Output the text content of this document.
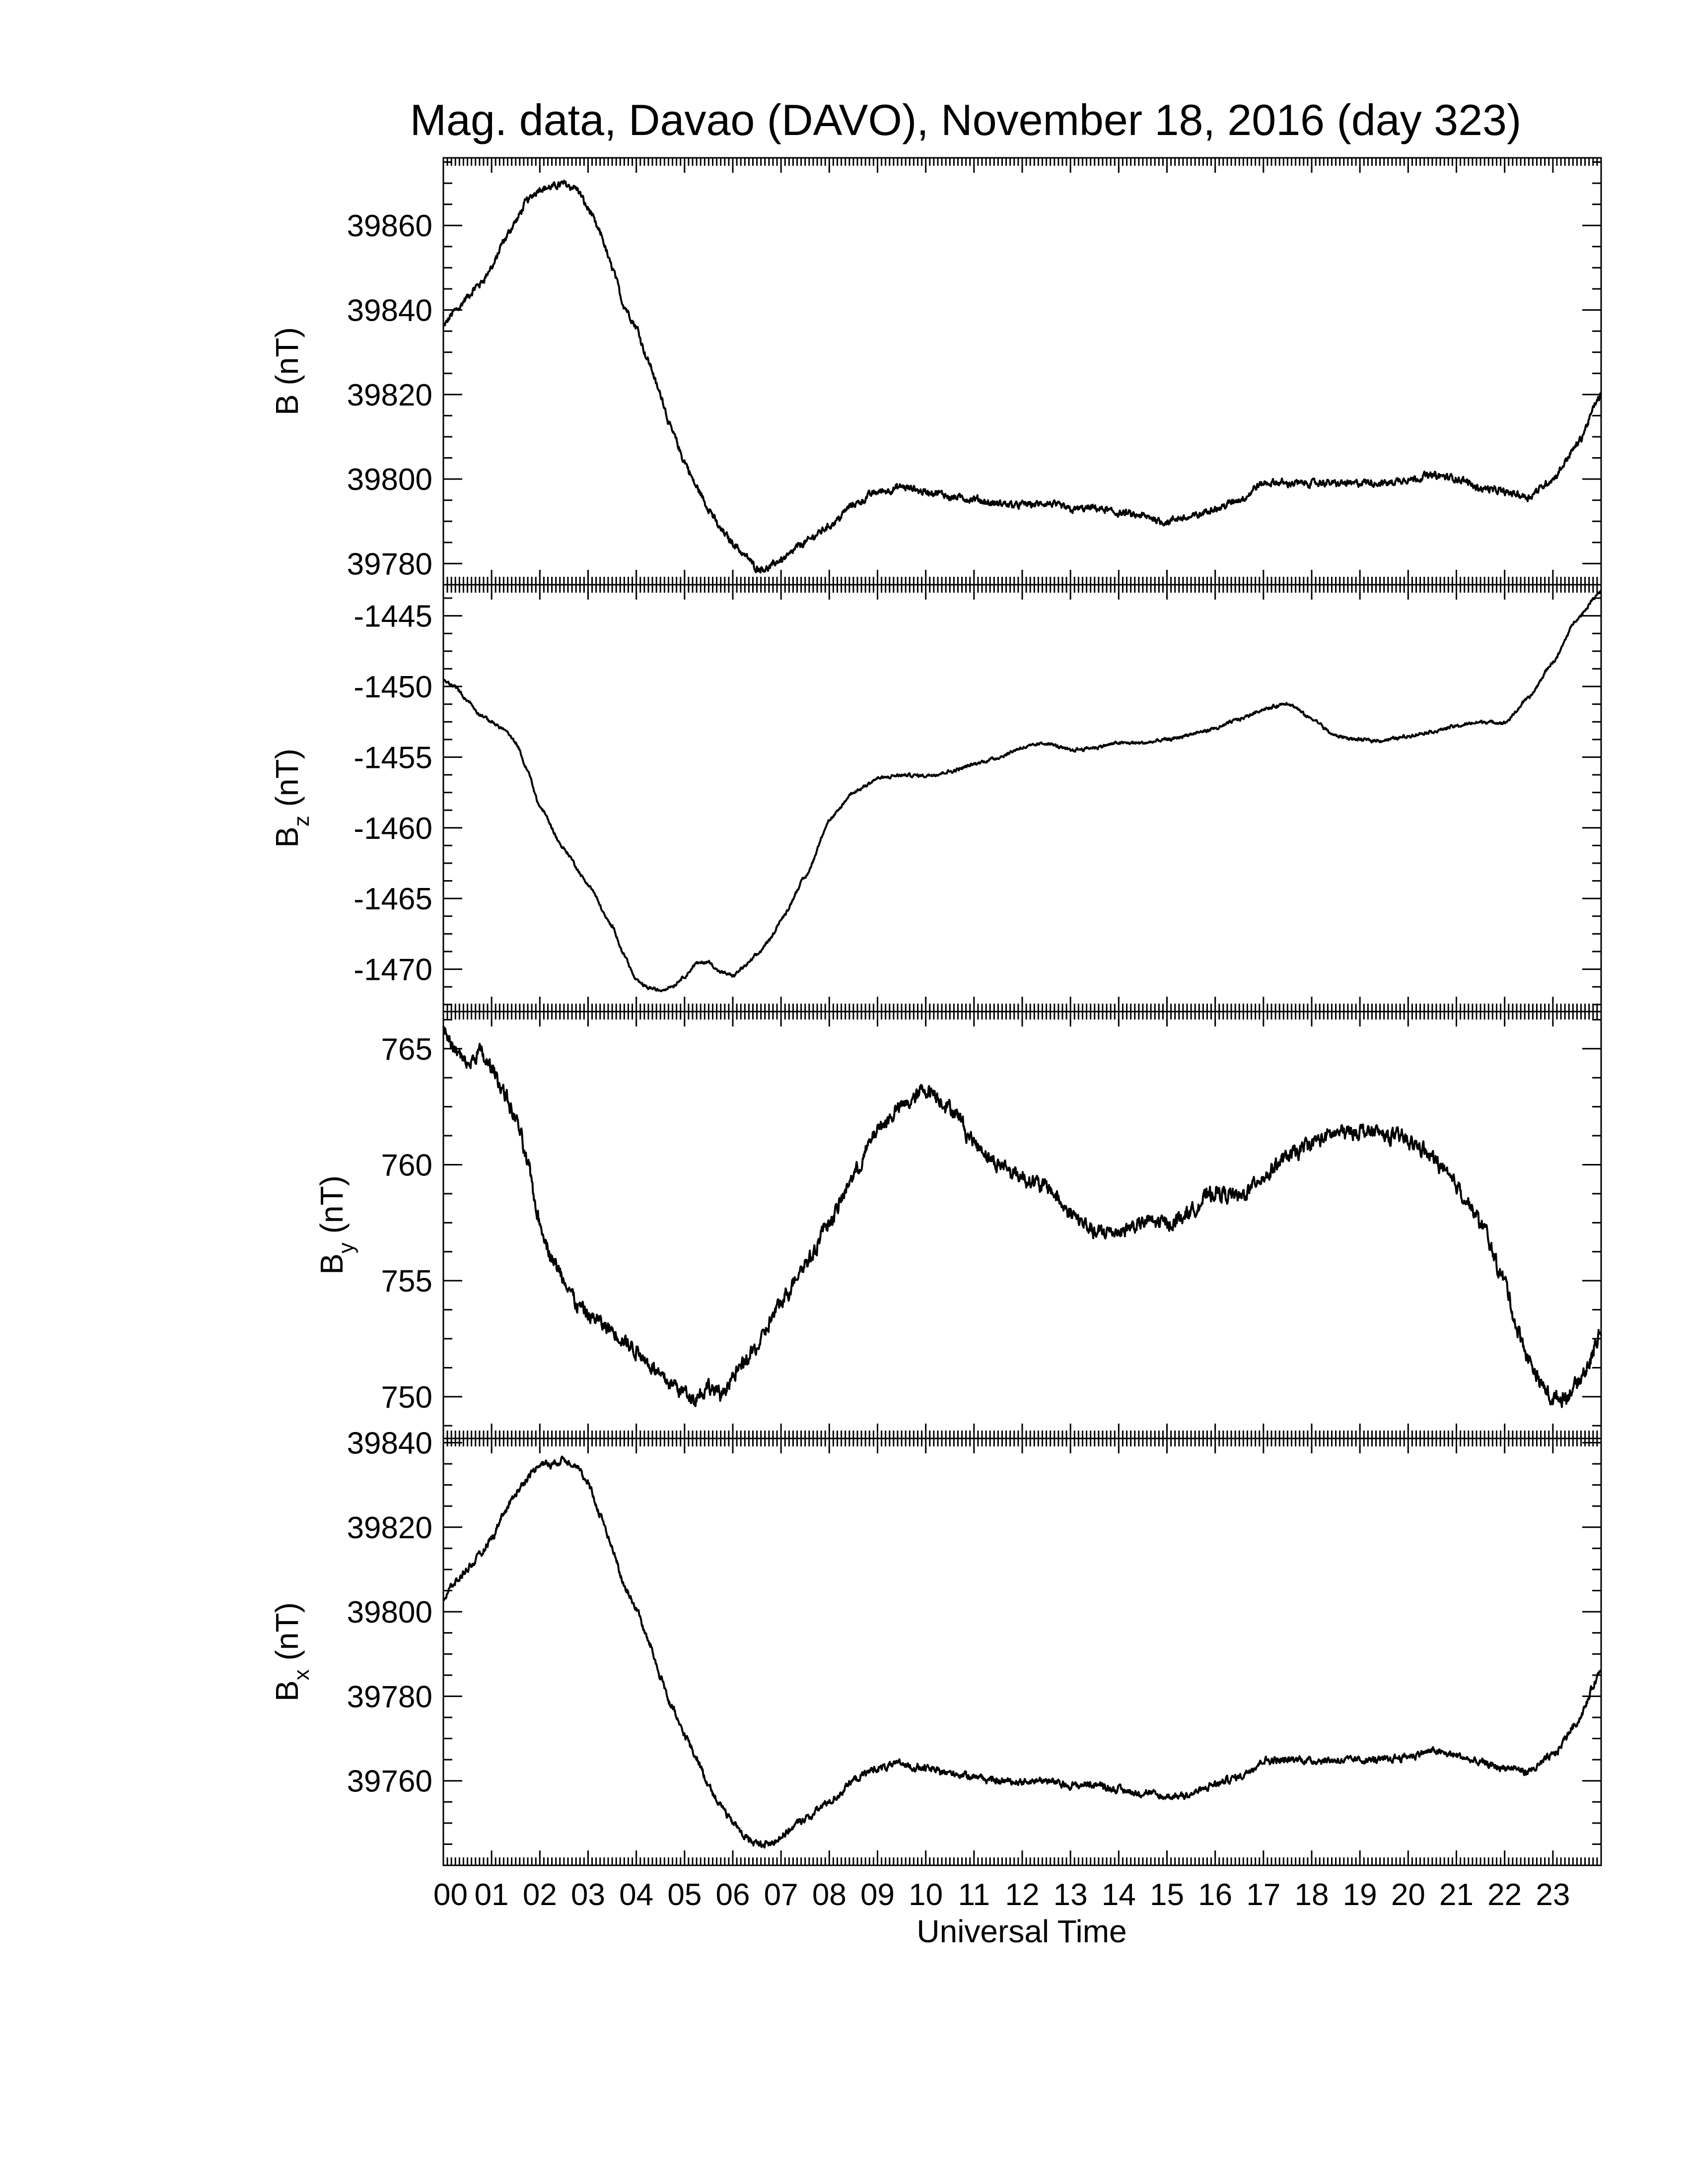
Mag. data, Davao (DAVO), November 18, 2016 (day 323)
39780
39800
39820
39840
39860
B (nT)
-1470
-1465
-1460
-1455
-1450
-1445
$B_z$ (nT)
750
755
760
765
$B_y$ (nT)
39760
39780
39800
39820
39840
$B_x$ (nT)
00 01 02 03 04 05 06 07 08 09 10 11 12 13 14 15 16 17 18 19 20 21 22 23
Universal Time
